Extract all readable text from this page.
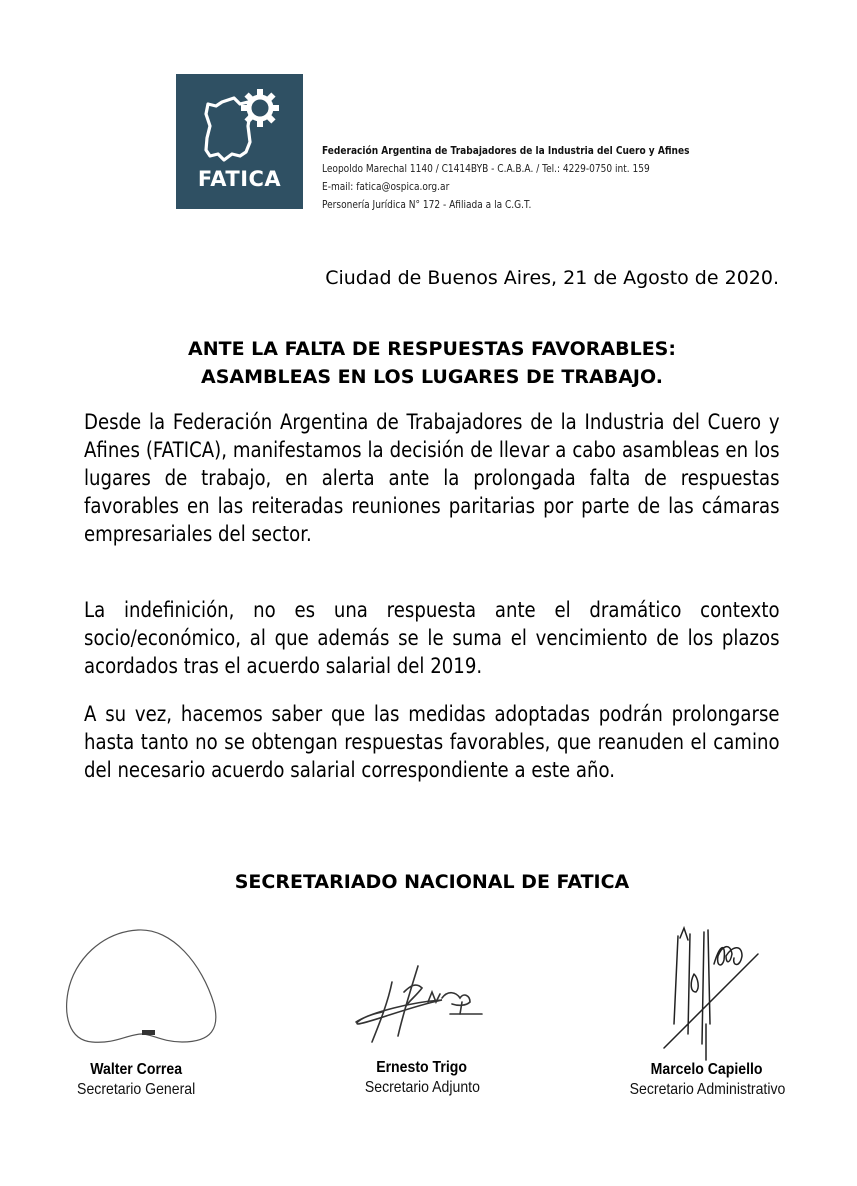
FATICA
Federación Argentina de Trabajadores de la Industria del Cuero y Afines
Leopoldo Marechal 1140 / C1414BYB - C.A.B.A. / Tel.: 4229-0750 int. 159
E-mail: fatica@ospica.org.ar
Personería Jurídica N° 172 - Afiliada a la C.G.T.
Ciudad de Buenos Aires, 21 de Agosto de 2020.
ANTE LA FALTA DE RESPUESTAS FAVORABLES:
ASAMBLEAS EN LOS LUGARES DE TRABAJO.
Desde la Federación Argentina de Trabajadores de la Industria del Cuero y Afines (FATICA), manifestamos la decisión de llevar a cabo asambleas en los lugares de trabajo, en alerta ante la prolongada falta de respuestas favorables en las reiteradas reuniones paritarias por parte de las cámaras empresariales del sector.
La indefinición, no es una respuesta ante el dramático contexto socio/económico, al que además se le suma el vencimiento de los plazos acordados tras el acuerdo salarial del 2019.
A su vez, hacemos saber que las medidas adoptadas podrán prolongarse hasta tanto no se obtengan respuestas favorables, que reanuden el camino del necesario acuerdo salarial correspondiente a este año.
SECRETARIADO NACIONAL DE FATICA
Walter Correa
Secretario General
Ernesto Trigo
Secretario Adjunto
Marcelo Capiello
Secretario Administrativo
